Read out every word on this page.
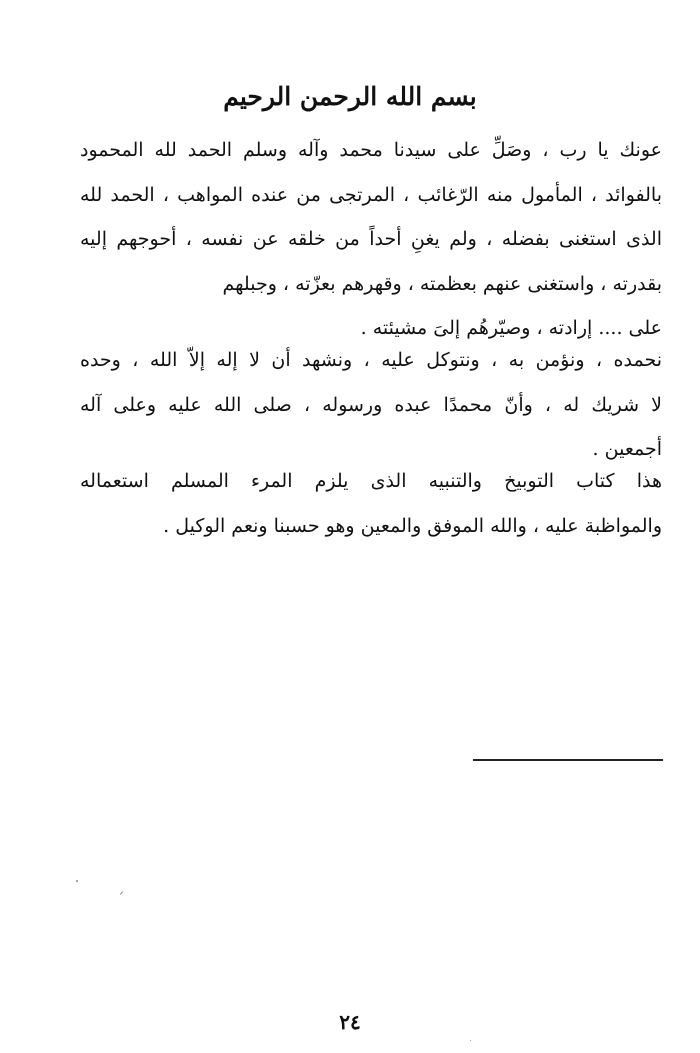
بسم الله الرحمن الرحيم
عونك يا رب ، وصَلِّ على سيدنا محمد وآله وسلم الحمد لله المحمود
بالفوائد ، المأمول منه الرّغائب ، المرتجى من عنده المواهب ، الحمد لله
الذى استغنى بفضله ، ولم يغنِ أحداً من خلقه عن نفسه ، أحوجهم إليه
بقدرته ، واستغنى عنهم بعظمته ، وقهرهم بعزّته ، وجبلهم
على .... إرادته ، وصيّرهُم إلىَ مشيئته .
نحمده ، ونؤمن به ، ونتوكل عليه ، ونشهد أن لا إله إلاّ الله ، وحده
لا شريك له ، وأنّ محمدًا عبده ورسوله ، صلى الله عليه وعلى آله
أجمعين .
هذا كتاب التوبيخ والتنبيه الذى يلزم المرء المسلم استعماله
والمواظبة عليه ، والله الموفق والمعين وهو حسبنا ونعم الوكيل .
٢٤
